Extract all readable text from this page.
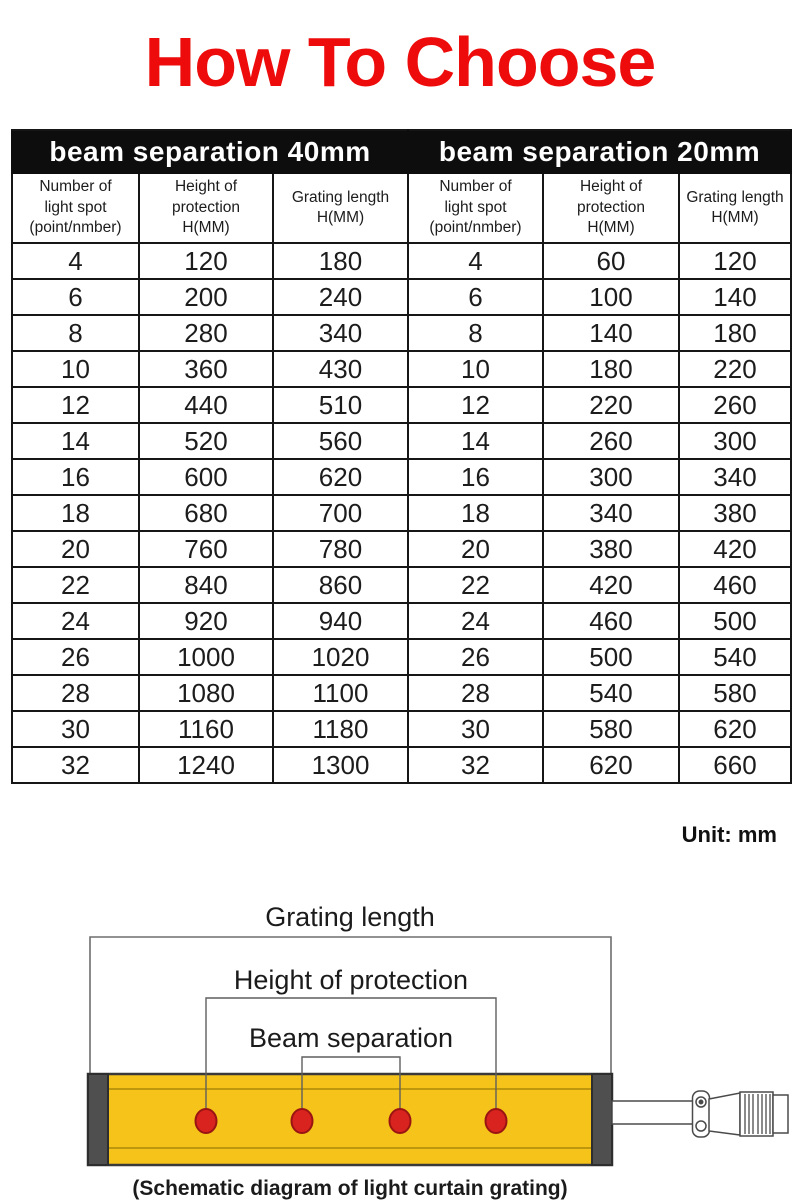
How To Choose
beam separation 40mm			beam separation 20mm		

Number of
light spot
(point/nmber)

Height of
protection
H(MM)

Grating length
H(MM)

Number of
light spot
(point/nmber)

Height of
protection
H(MM)

Grating length
H(MM)

4	120	180	4	60	120
6	200	240	6	100	140
8	280	340	8	140	180
10	360	430	10	180	220
12	440	510	12	220	260
14	520	560	14	260	300
16	600	620	16	300	340
18	680	700	18	340	380
20	760	780	20	380	420
22	840	860	22	420	460
24	920	940	24	460	500
26	1000	1020	26	500	540
28	1080	1100	28	540	580
30	1160	1180	30	580	620
32	1240	1300	32	620	660
Unit: mm
Grating length
Height of protection
Beam separation
(Schematic diagram of light curtain grating)
